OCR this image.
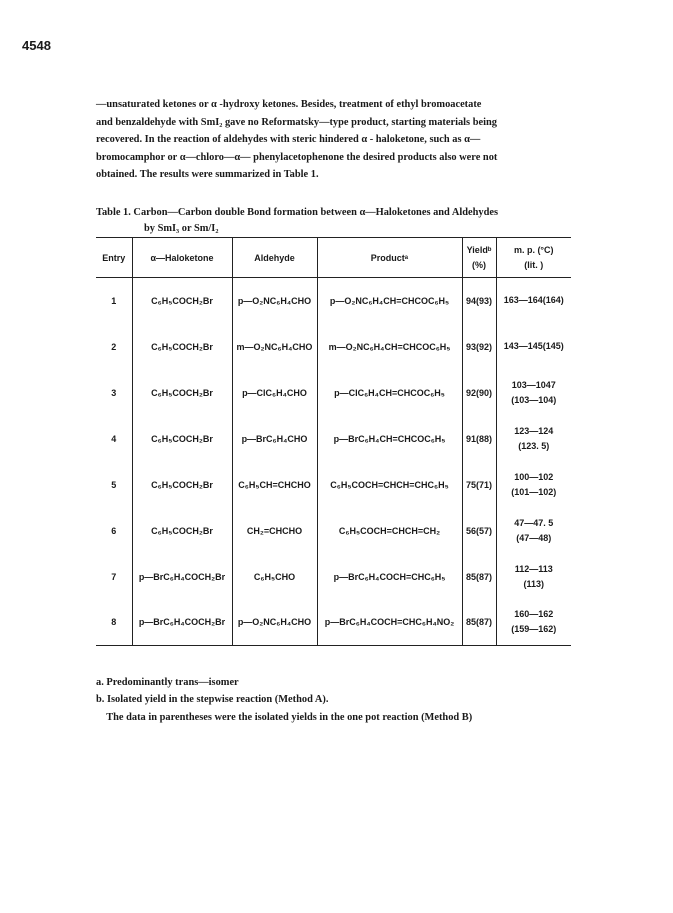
4548

—unsaturated ketones or α -hydroxy ketones. Besides, treatment of ethyl bromoacetate

and benzaldehyde with SmI₂ gave no Reformatsky—type product, starting materials being

recovered. In the reaction of aldehydes with steric hindered α - haloketone, such as α—

bromocamphor or α—chloro—α— phenylacetophenone the desired products also were not

obtained. The results were summarized in Table 1.

Table 1. Carbon—Carbon double Bond formation between α—Haloketones and Aldehydes

by SmI₃ or Sm/I₂

Entry	α—Haloketone	Aldehyde	Productᵃ	Yieldᵇ
(%)	m. p. (°C)
(lit. )

1	C₆H₅COCH₂Br	p—O₂NC₆H₄CHO	p—O₂NC₆H₄CH=CHCOC₆H₅	94(93)	163—164(164)

2	C₆H₅COCH₂Br	m—O₂NC₆H₄CHO	m—O₂NC₆H₄CH=CHCOC₆H₅	93(92)	143—145(145)

3	C₆H₅COCH₂Br	p—ClC₆H₄CHO	p—ClC₆H₄CH=CHCOC₆H₅	92(90)	103—1047
(103—104)

4	C₆H₅COCH₂Br	p—BrC₆H₄CHO	p—BrC₆H₄CH=CHCOC₆H₅	91(88)	123—124
(123. 5)

5	C₆H₅COCH₂Br	C₆H₅CH=CHCHO	C₆H₅COCH=CHCH=CHC₆H₅	75(71)	100—102
(101—102)

6	C₆H₅COCH₂Br	CH₂=CHCHO	C₆H₅COCH=CHCH=CH₂	56(57)	47—47. 5
(47—48)

7	p—BrC₆H₄COCH₂Br	C₆H₅CHO	p—BrC₆H₄COCH=CHC₆H₅	85(87)	112—113
(113)

8	p—BrC₆H₄COCH₂Br	p—O₂NC₆H₄CHO	p—BrC₆H₄COCH=CHC₆H₄NO₂	85(87)	160—162
(159—162)

a. Predominantly trans—isomer

b. Isolated yield in the stepwise reaction (Method A).

The data in parentheses were the isolated yields in the one pot reaction (Method B)
